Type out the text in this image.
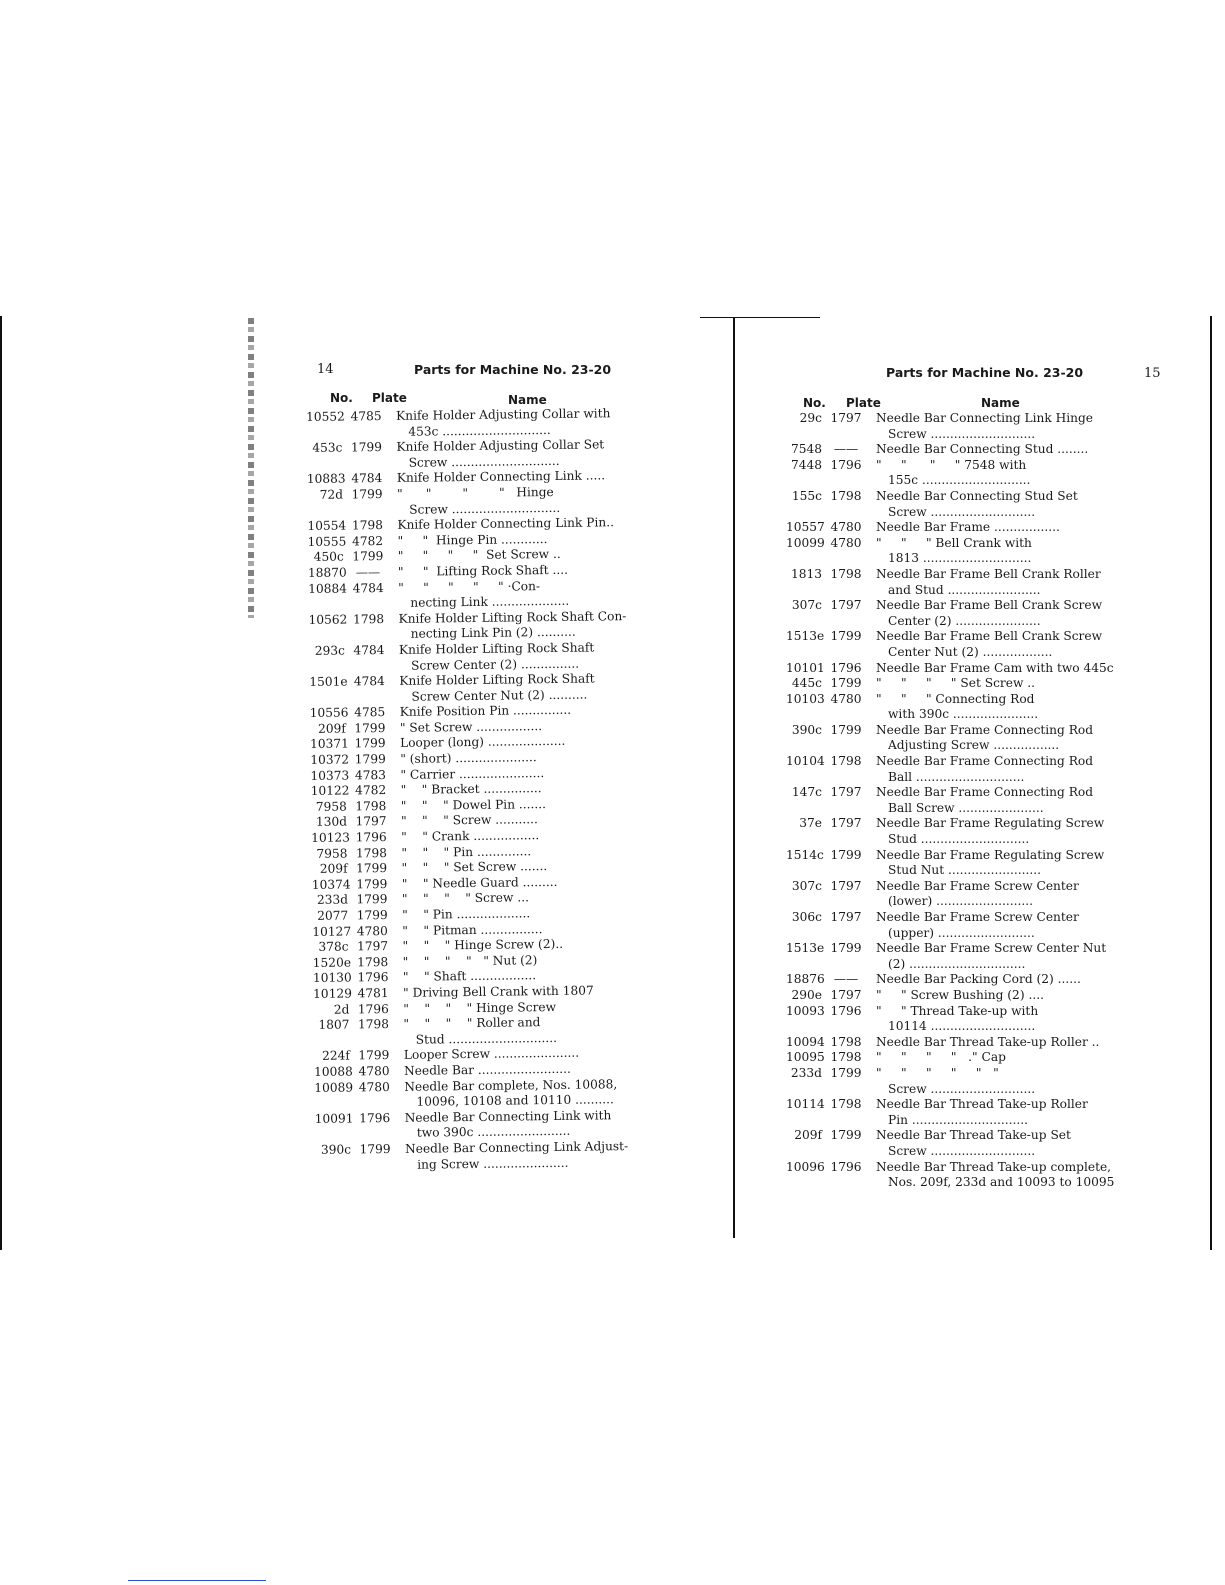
14	Parts for Machine No. 23-20
No. Plate	Name
10552 4785	Knife Holder Adjusting Collar with
453c ............................
453c 1799	Knife Holder Adjusting Collar Set
Screw ............................
10883 4784	Knife Holder Connecting Link .....
72d 1799	"      "        "        "   Hinge
Screw ............................
10554 1798	Knife Holder Connecting Link Pin..
10555 4782	"     "  Hinge Pin ............
450c 1799	"     "     "     "  Set Screw ..
18870 ——	"     "  Lifting Rock Shaft ....
10884 4784	"     "     "     "     " ·Con-
necting Link ....................
10562 1798	Knife Holder Lifting Rock Shaft Con-
necting Link Pin (2) ..........
293c 4784	Knife Holder Lifting Rock Shaft
Screw Center (2) ...............
1501e 4784	Knife Holder Lifting Rock Shaft
Screw Center Nut (2) ..........
10556 4785	Knife Position Pin ...............
209f 1799	" Set Screw .................
10371 1799	Looper (long) ....................
10372 1799	" (short) .....................
10373 4783	" Carrier ......................
10122 4782	"    " Bracket ...............
7958 1798	"    "    " Dowel Pin .......
130d 1797	"    "    " Screw ...........
10123 1796	"    " Crank .................
7958 1798	"    "    " Pin ..............
209f 1799	"    "    " Set Screw .......
10374 1799	"    " Needle Guard .........
233d 1799	"    "    "    " Screw ...
2077 1799	"    " Pin ...................
10127 4780	"    " Pitman ................
378c 1797	"    "    " Hinge Screw (2)..
1520e 1798	"    "    "    "   " Nut (2)
10130 1796	"    " Shaft .................
10129 4781	" Driving Bell Crank with 1807
2d 1796	"    "    "    " Hinge Screw
1807 1798	"    "    "    " Roller and
Stud ............................
224f 1799	Looper Screw ......................
10088 4780	Needle Bar ........................
10089 4780	Needle Bar complete, Nos. 10088,
10096, 10108 and 10110 ..........
10091 1796	Needle Bar Connecting Link with
two 390c ........................
390c 1799	Needle Bar Connecting Link Adjust-
ing Screw ......................
Parts for Machine No. 23-20	15
No. Plate	Name
29c 1797	Needle Bar Connecting Link Hinge
Screw ...........................
7548 ——	Needle Bar Connecting Stud ........
7448 1796	"     "      "     " 7548 with
155c ............................
155c 1798	Needle Bar Connecting Stud Set
Screw ...........................
10557 4780	Needle Bar Frame .................
10099 4780	"     "     " Bell Crank with
1813 ............................
1813 1798	Needle Bar Frame Bell Crank Roller
and Stud ........................
307c 1797	Needle Bar Frame Bell Crank Screw
Center (2) ......................
1513e 1799	Needle Bar Frame Bell Crank Screw
Center Nut (2) ..................
10101 1796	Needle Bar Frame Cam with two 445c
445c 1799	"     "     "     " Set Screw ..
10103 4780	"     "     " Connecting Rod
with 390c ......................
390c 1799	Needle Bar Frame Connecting Rod
Adjusting Screw .................
10104 1798	Needle Bar Frame Connecting Rod
Ball ............................
147c 1797	Needle Bar Frame Connecting Rod
Ball Screw ......................
37e 1797	Needle Bar Frame Regulating Screw
Stud ............................
1514c 1799	Needle Bar Frame Regulating Screw
Stud Nut ........................
307c 1797	Needle Bar Frame Screw Center
(lower) .........................
306c 1797	Needle Bar Frame Screw Center
(upper) .........................
1513e 1799	Needle Bar Frame Screw Center Nut
(2) ..............................
18876 ——	Needle Bar Packing Cord (2) ......
290e 1797	"     " Screw Bushing (2) ....
10093 1796	"     " Thread Take-up with
10114 ...........................
10094 1798	Needle Bar Thread Take-up Roller ..
10095 1798	"     "     "     "   ." Cap
233d 1799	"     "     "     "     "   "
Screw ...........................
10114 1798	Needle Bar Thread Take-up Roller
Pin ..............................
209f 1799	Needle Bar Thread Take-up Set
Screw ...........................
10096 1796	Needle Bar Thread Take-up complete,
Nos. 209f, 233d and 10093 to 10095
